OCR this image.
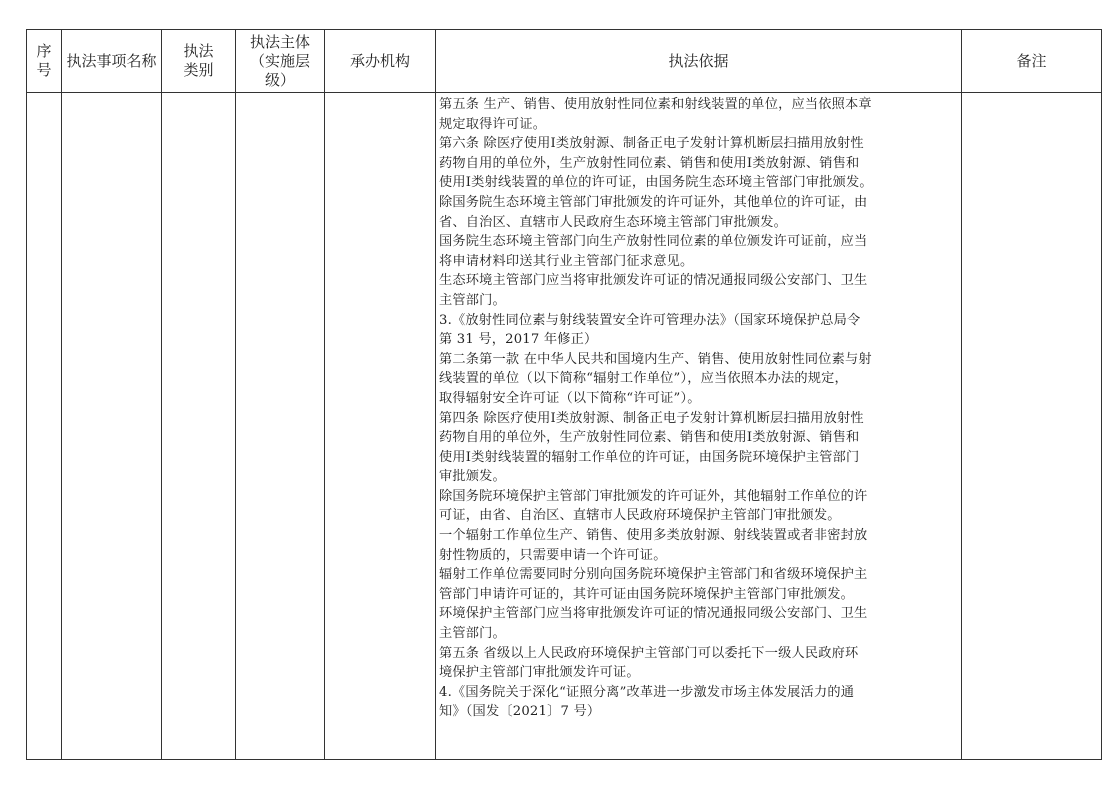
序号
执法事项名称
执法类别
执法主体（实施层级）
承办机构	执法依据	备注
第五条 生产、销售、使用放射性同位素和射线装置的单位，应当依照本章
规定取得许可证。
第六条 除医疗使用Ⅰ类放射源、制备正电子发射计算机断层扫描用放射性
药物自用的单位外，生产放射性同位素、销售和使用Ⅰ类放射源、销售和
使用Ⅰ类射线装置的单位的许可证，由国务院生态环境主管部门审批颁发。
除国务院生态环境主管部门审批颁发的许可证外，其他单位的许可证，由
省、自治区、直辖市人民政府生态环境主管部门审批颁发。
国务院生态环境主管部门向生产放射性同位素的单位颁发许可证前，应当
将申请材料印送其行业主管部门征求意见。
生态环境主管部门应当将审批颁发许可证的情况通报同级公安部门、卫生
主管部门。
3.《放射性同位素与射线装置安全许可管理办法》（国家环境保护总局令
第 31 号，2017 年修正）
第二条第一款 在中华人民共和国境内生产、销售、使用放射性同位素与射
线装置的单位（以下简称“辐射工作单位”），应当依照本办法的规定，
取得辐射安全许可证（以下简称“许可证”）。
第四条 除医疗使用Ⅰ类放射源、制备正电子发射计算机断层扫描用放射性
药物自用的单位外，生产放射性同位素、销售和使用Ⅰ类放射源、销售和
使用Ⅰ类射线装置的辐射工作单位的许可证，由国务院环境保护主管部门
审批颁发。
除国务院环境保护主管部门审批颁发的许可证外，其他辐射工作单位的许
可证，由省、自治区、直辖市人民政府环境保护主管部门审批颁发。
一个辐射工作单位生产、销售、使用多类放射源、射线装置或者非密封放
射性物质的，只需要申请一个许可证。
辐射工作单位需要同时分别向国务院环境保护主管部门和省级环境保护主
管部门申请许可证的，其许可证由国务院环境保护主管部门审批颁发。
环境保护主管部门应当将审批颁发许可证的情况通报同级公安部门、卫生
主管部门。
第五条 省级以上人民政府环境保护主管部门可以委托下一级人民政府环
境保护主管部门审批颁发许可证。
4.《国务院关于深化“证照分离”改革进一步激发市场主体发展活力的通
知》（国发〔2021〕7 号）
